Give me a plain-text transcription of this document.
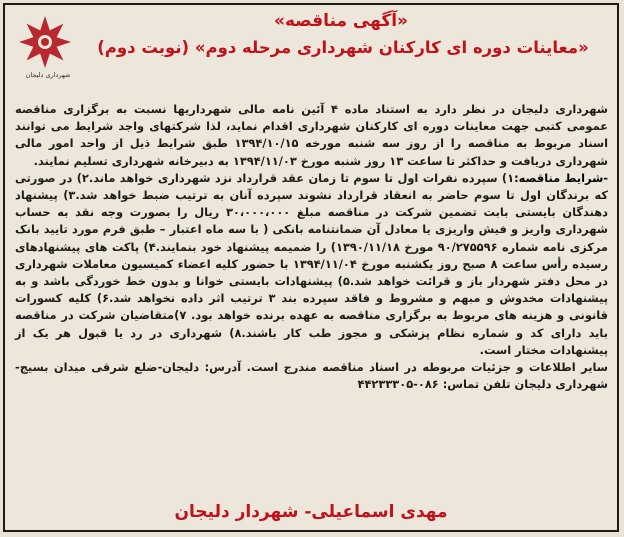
شهرداری دلیجان
«آگهی مناقصه»
«معاینات دوره ای کارکنان شهرداری مرحله دوم» (نوبت دوم)

شهرداری دلیجان در نظر دارد به استناد ماده ۴ آئین نامه مالی شهرداریها نسبت به برگزاری مناقصه عمومی کتبی جهت معاینات دوره ای کارکنان شهرداری اقدام نماید، لذا شرکتهای واجد شرایط می توانند اسناد مربوط به مناقصه را از روز سه شنبه مورخه ۱۳۹۴/۱۰/۱۵ طبق شرایط ذیل از واحد امور مالی شهرداری دریافت و حداکثر تا ساعت ۱۳ روز شنبه مورخ ۱۳۹۴/۱۱/۰۳ به دبیرخانه شهرداری تسلیم نمایند.

-شرایط مناقصه:۱) سپرده نفرات اول تا سوم تا زمان عقد قرارداد نزد شهرداری خواهد ماند.۲) در صورتی که برندگان اول تا سوم حاضر به انعقاد قرارداد نشوند سپرده آنان به ترتیب ضبط خواهد شد.۳) پیشنهاد دهندگان بایستی بابت تضمین شرکت در مناقصه مبلغ ۳۰،۰۰۰،۰۰۰ ریال را بصورت وجه نقد به حساب شهرداری واریز و فیش واریزی یا معادل آن ضمانتنامه بانکی ( با سه ماه اعتبار – طبق فرم مورد تایید بانک مرکزی نامه شماره ۹۰/۲۷۵۵۹۶ مورخ ۱۳۹۰/۱۱/۱۸) را ضمیمه پیشنهاد خود بنمایند.۴) پاکت های پیشنهادهای رسیده رأس ساعت ۸ صبح روز یکشنبه مورخ ۱۳۹۴/۱۱/۰۴ با حضور کلیه اعضاء کمیسیون معاملات شهرداری در محل دفتر شهردار باز و قرائت خواهد شد.۵) پیشنهادات بایستی خوانا و بدون خط خوردگی باشد و به پیشنهادات مخدوش و مبهم و مشروط و فاقد سپرده بند ۳ ترتیب اثر داده نخواهد شد.۶) کلیه کسورات قانونی و هزینه های مربوط به برگزاری مناقصه به عهده برنده خواهد بود. ۷)متقاضیان شرکت در مناقصه باید دارای کد و شماره نظام پزشکی و مجوز طب کار باشند.۸) شهرداری در رد یا قبول هر یک از پیشنهادات مختار است.

سایر اطلاعات و جزئیات مربوطه در اسناد مناقصه مندرج است. آدرس: دلیجان-ضلع شرقی میدان بسیج-شهرداری دلیجان تلفن تماس: ۰۸۶-۴۴۲۳۳۳۰۵

مهدی اسماعیلی- شهردار دلیجان
